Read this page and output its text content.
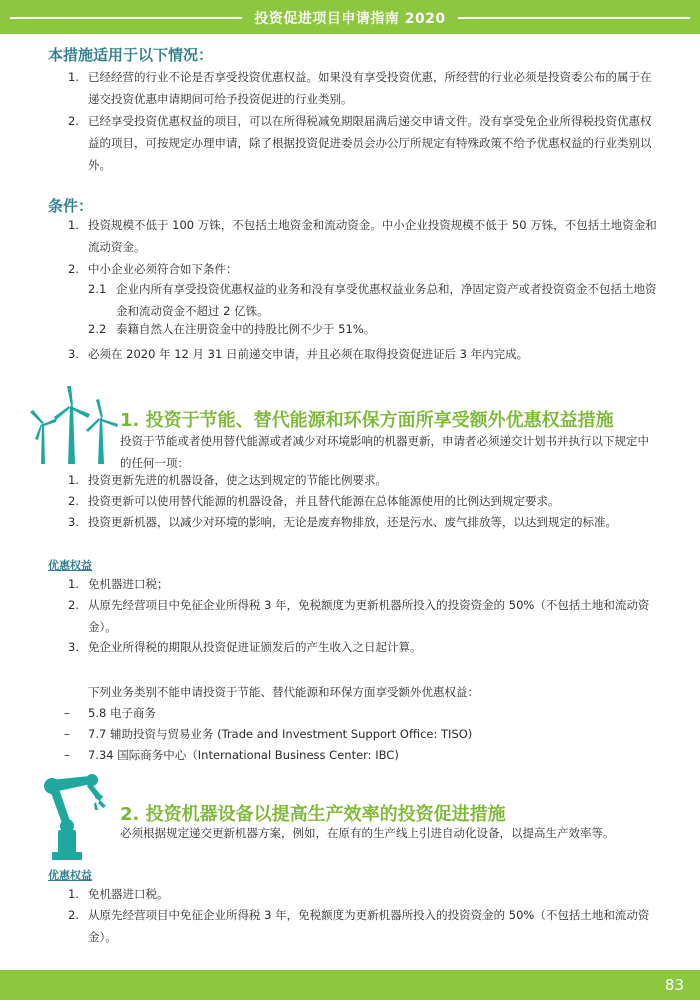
投资促进项目申请指南 2020
本措施适用于以下情况：
1. 已经经营的行业不论是否享受投资优惠权益。如果没有享受投资优惠，所经营的行业必须是投资委公布的属于在递交投资优惠申请期间可给予投资促进的行业类别。
2. 已经享受投资优惠权益的项目，可以在所得税减免期限届满后递交申请文件。没有享受免企业所得税投资优惠权益的项目，可按规定办理申请，除了根据投资促进委员会办公厅所规定有特殊政策不给予优惠权益的行业类别以外。
条件：
1. 投资规模不低于 100 万铢，不包括土地资金和流动资金。中小企业投资规模不低于 50 万铢，不包括土地资金和流动资金。
2. 中小企业必须符合如下条件：
2.1 企业内所有享受投资优惠权益的业务和没有享受优惠权益业务总和，净固定资产或者投资资金不包括土地资金和流动资金不超过 2 亿铢。
2.2 泰籍自然人在注册资金中的持股比例不少于 51%。
3. 必须在 2020 年 12 月 31 日前递交申请，并且必须在取得投资促进证后 3 年内完成。
1. 投资于节能、替代能源和环保方面所享受额外优惠权益措施
投资于节能或者使用替代能源或者减少对环境影响的机器更新，申请者必须递交计划书并执行以下规定中的任何一项：
1. 投资更新先进的机器设备，使之达到规定的节能比例要求。
2. 投资更新可以使用替代能源的机器设备，并且替代能源在总体能源使用的比例达到规定要求。
3. 投资更新机器，以减少对环境的影响，无论是废弃物排放，还是污水、废气排放等，以达到规定的标准。
优惠权益
1. 免机器进口税；
2. 从原先经营项目中免征企业所得税 3 年，免税额度为更新机器所投入的投资资金的 50%（不包括土地和流动资金）。
3. 免企业所得税的期限从投资促进证颁发后的产生收入之日起计算。
下列业务类别不能申请投资于节能、替代能源和环保方面享受额外优惠权益：
– 5.8 电子商务
– 7.7 辅助投资与贸易业务 (Trade and Investment Support Office: TISO)
– 7.34 国际商务中心（International Business Center: IBC)
2. 投资机器设备以提高生产效率的投资促进措施
必须根据规定递交更新机器方案，例如，在原有的生产线上引进自动化设备，以提高生产效率等。
优惠权益
1. 免机器进口税。
2. 从原先经营项目中免征企业所得税 3 年，免税额度为更新机器所投入的投资资金的 50%（不包括土地和流动资金）。
83
